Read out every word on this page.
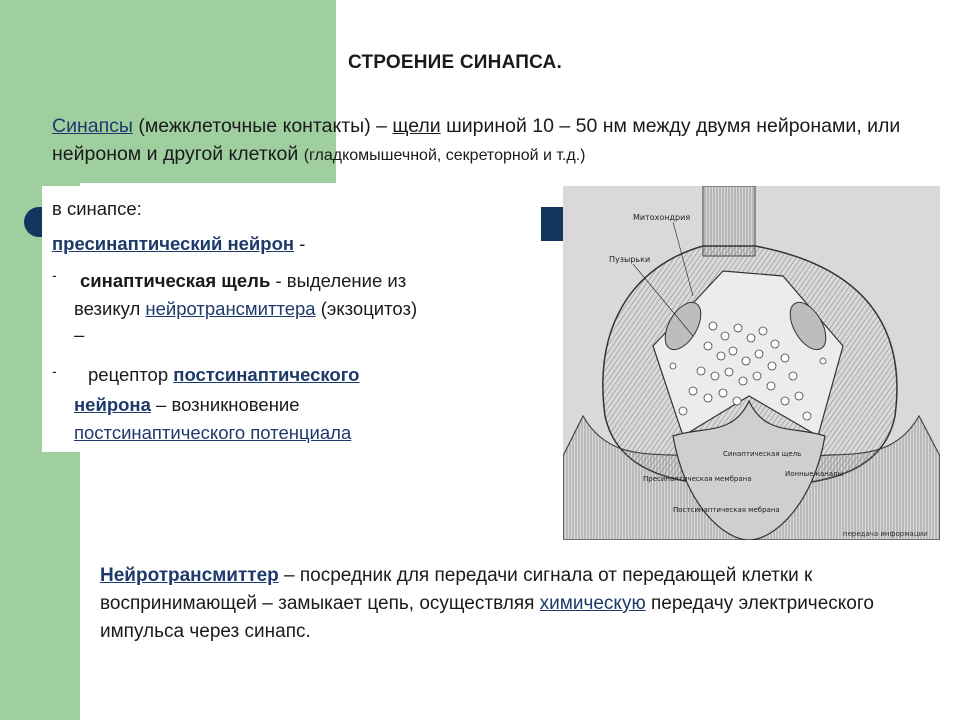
СТРОЕНИЕ СИНАПСА.
Синапсы (межклеточные контакты) – щели шириной 10 – 50 нм между двумя нейронами, или нейроном и другой клеткой (гладкомышечной, секреторной и т.д.)
в синапсе:
пресинаптический нейрон -
- синаптическая щель - выделение из
везикул нейротрансмиттера (экзоцитоз)
–
- рецептор постсинаптического
нейрона – возникновение
постсинаптического потенциала
Митохондрия
Пузырьки
Синаптическая щель
Ионные каналы
Пресинаптическая мембрана
Постсинаптическая мебрана
передача информации
Нейротрансмиттер – посредник для передачи сигнала от передающей клетки к воспринимающей – замыкает цепь, осуществляя химическую передачу электрического импульса через синапс.
